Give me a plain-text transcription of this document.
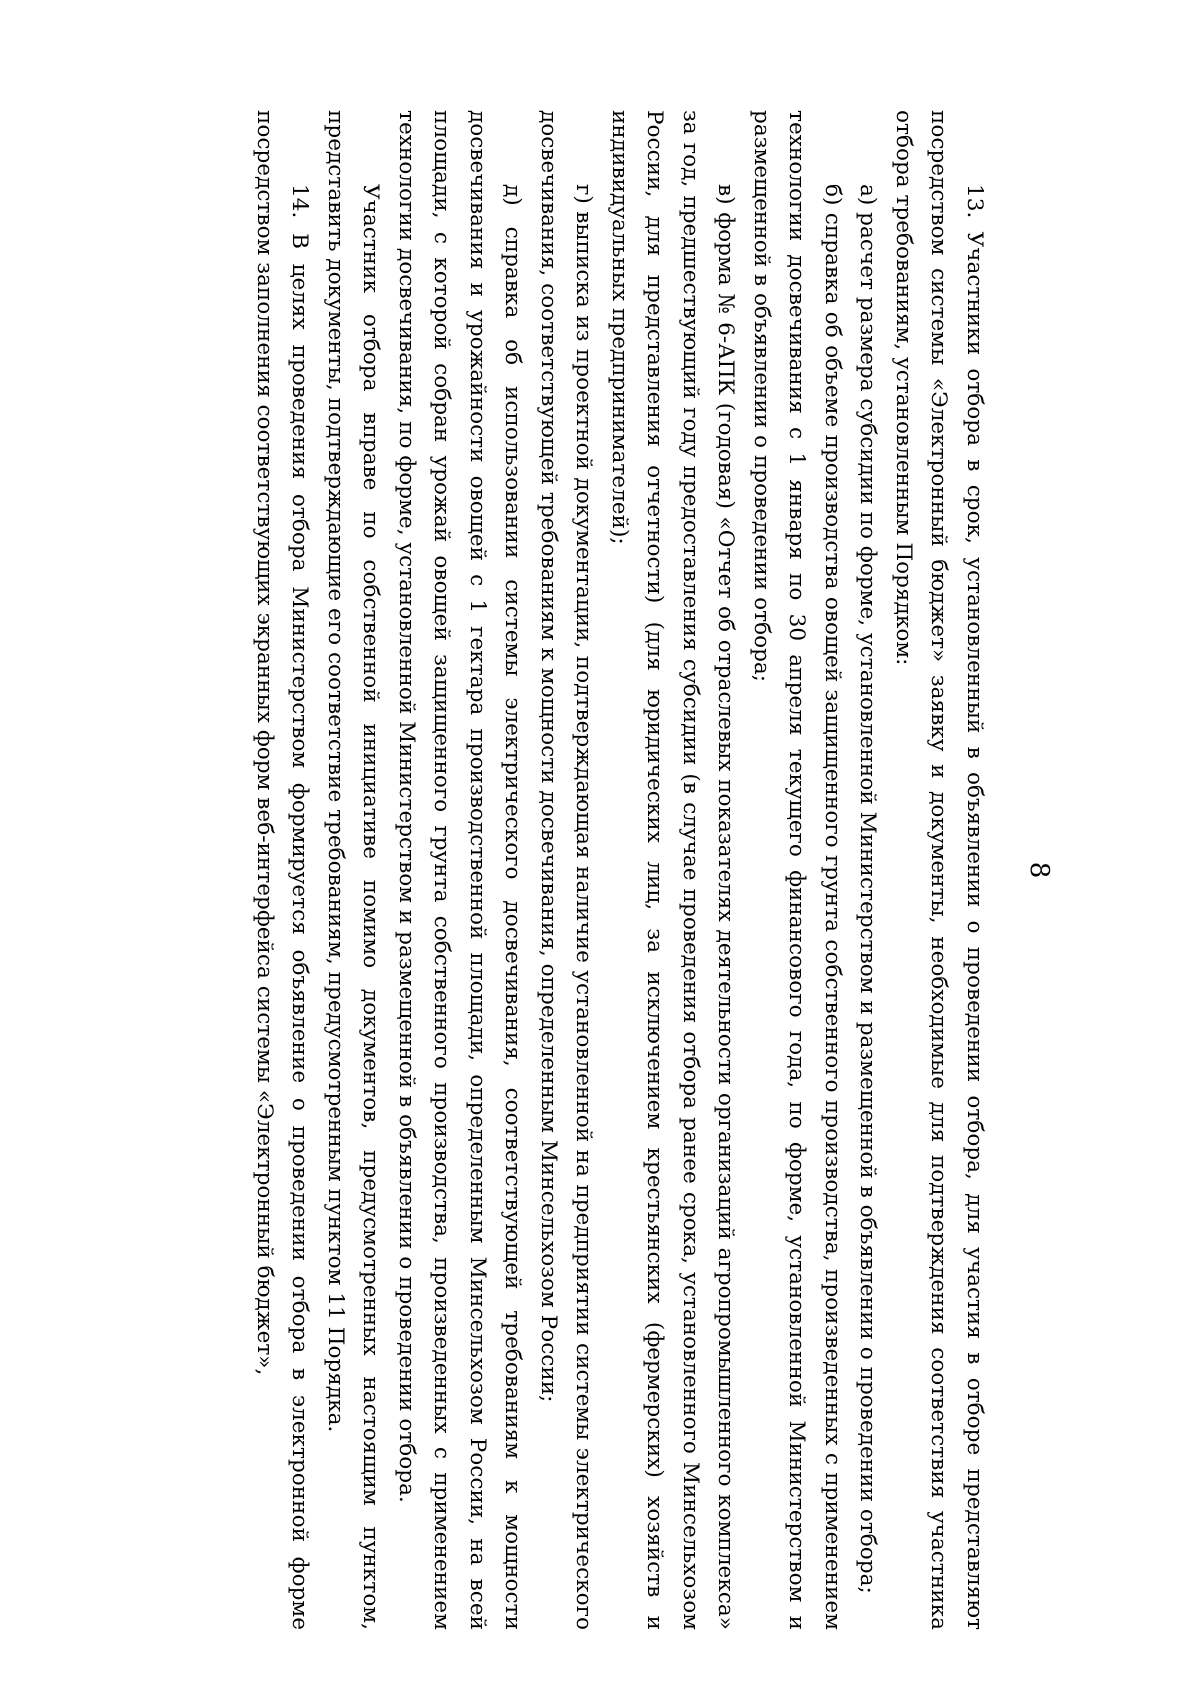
8

13. Участники отбора в срок, установленный в объявлении о проведении отбора, для участия в отборе представляют посредством системы «Электронный бюджет» заявку и документы, необходимые для подтверждения соответствия участника отбора требованиям, установленным Порядком:

а) расчет размера субсидии по форме, установленной Министерством и размещенной в объявлении о проведении отбора;

б) справка об объеме производства овощей защищенного грунта собственного производства, произведенных с применением технологии досвечивания с 1 января по 30 апреля текущего финансового года, по форме, установленной Министерством и размещенной в объявлении о проведении отбора;

в) форма № 6-АПК (годовая) «Отчет об отраслевых показателях деятельности организаций агропромышленного комплекса» за год, предшествующий году предоставления субсидии (в случае проведения отбора ранее срока, установленного Минсельхозом России, для представления отчетности) (для юридических лиц, за исключением крестьянских (фермерских) хозяйств и индивидуальных предпринимателей);

г) выписка из проектной документации, подтверждающая наличие установленной на предприятии системы электрического досвечивания, соответствующей требованиям к мощности досвечивания, определенным Минсельхозом России;

д) справка об использовании системы электрического досвечивания, соответствующей требованиям к мощности досвечивания и урожайности овощей с 1 гектара производственной площади, определенным Минсельхозом России, на всей площади, с которой собран урожай овощей защищенного грунта собственного производства, произведенных с применением технологии досвечивания, по форме, установленной Министерством и размещенной в объявлении о проведении отбора.

Участник отбора вправе по собственной инициативе помимо документов, предусмотренных настоящим пунктом, представить документы, подтверждающие его соответствие требованиям, предусмотренным пунктом 11 Порядка.

14. В целях проведения отбора Министерством формируется объявление о проведении отбора в электронной форме посредством заполнения соответствующих экранных форм веб-интерфейса системы «Электронный бюджет»,
